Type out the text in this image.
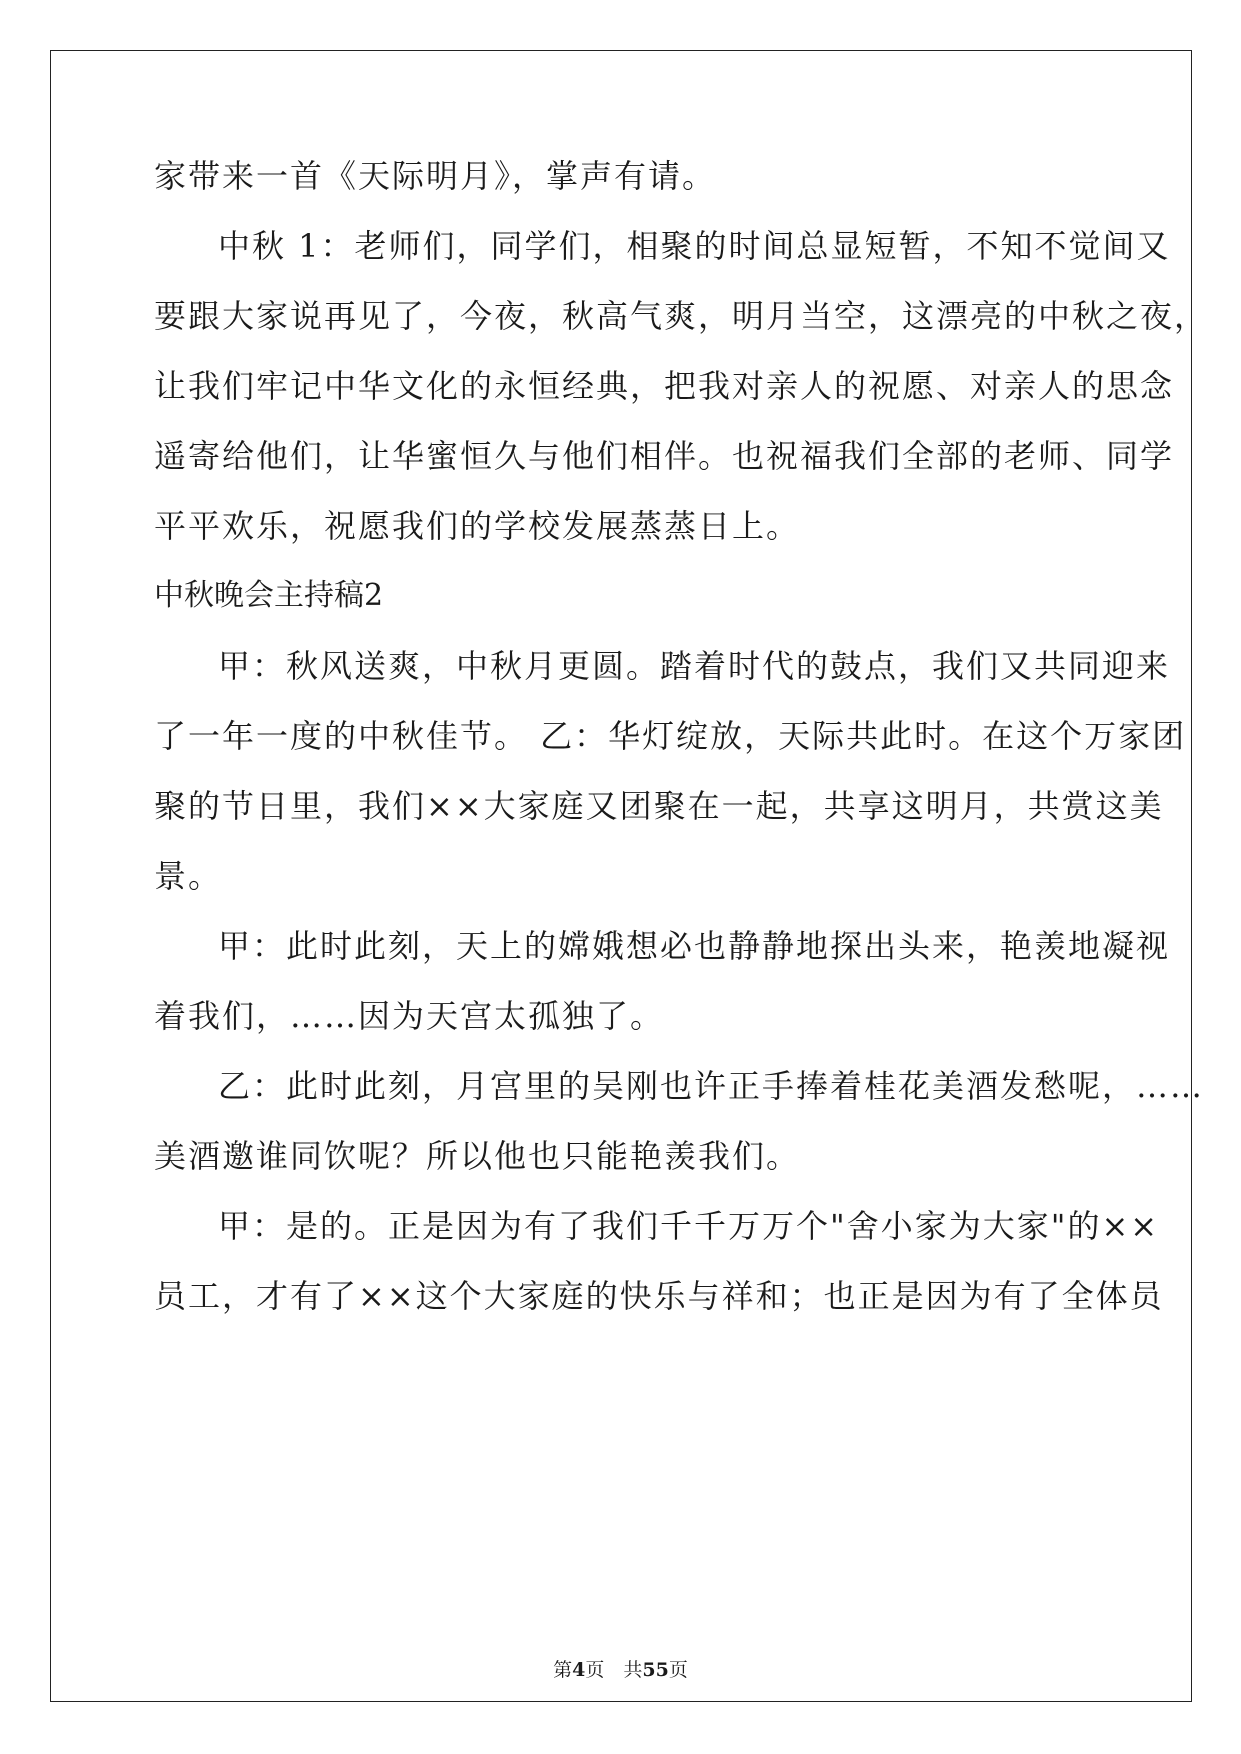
家带来一首《天际明月》，掌声有请。
中秋 1：老师们，同学们，相聚的时间总显短暂，不知不觉间又
要跟大家说再见了，今夜，秋高气爽，明月当空，这漂亮的中秋之夜，
让我们牢记中华文化的永恒经典，把我对亲人的祝愿、对亲人的思念
遥寄给他们，让华蜜恒久与他们相伴。也祝福我们全部的老师、同学
平平欢乐，祝愿我们的学校发展蒸蒸日上。
中秋晚会主持稿2
甲：秋风送爽，中秋月更圆。踏着时代的鼓点，我们又共同迎来
了一年一度的中秋佳节。 乙：华灯绽放，天际共此时。在这个万家团
聚的节日里，我们××大家庭又团聚在一起，共享这明月，共赏这美
景。
甲：此时此刻，天上的嫦娥想必也静静地探出头来，艳羡地凝视
着我们，……因为天宫太孤独了。
乙：此时此刻，月宫里的吴刚也许正手捧着桂花美酒发愁呢，……
美酒邀谁同饮呢？所以他也只能艳羡我们。
甲：是的。正是因为有了我们千千万万个"舍小家为大家"的××
员工，才有了××这个大家庭的快乐与祥和；也正是因为有了全体员
第4页　 共55页
